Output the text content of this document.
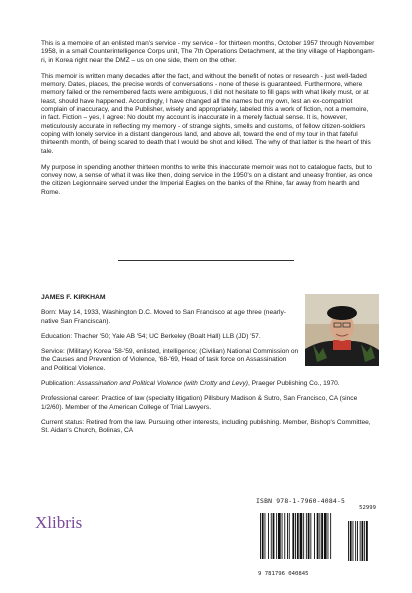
This is a memoire of an enlisted man's service - my service - for thirteen months, October 1957 through November 1958, in a small Counterintelligence Corps unit, The 7th Operations Detachment, at the tiny village of Hapbongam-ri, in Korea right near the DMZ – us on one side, them on the other.

This memoir is written many decades after the fact, and without the benefit of notes or research - just well-faded memory. Dates, places, the precise words of conversations - none of these is guaranteed. Furthermore, where memory failed or the remembered facts were ambiguous, I did not hesitate to fill gaps with what likely must, or at least, should have happened. Accordingly, I have changed all the names but my own, lest an ex-compatriot complain of inaccuracy, and the Publisher, wisely and appropriately, labeled this a work of fiction, not a memoire, in fact. Fiction – yes, I agree: No doubt my account is inaccurate in a merely factual sense. It is, however, meticulously accurate in reflecting my memory - of strange sights, smells and customs, of fellow citizen-soldiers coping with lonely service in a distant dangerous land, and above all, toward the end of my tour in that fateful thirteenth month, of being scared to death that I would be shot and killed. The why of that latter is the heart of this tale.

My purpose in spending another thirteen months to write this inaccurate memoir was not to catalogue facts, but to convey now, a sense of what it was like then, doing service in the 1950's on a distant and uneasy frontier, as once the citizen Legionnaire served under the Imperial Eagles on the banks of the Rhine, far away from hearth and Rome.

JAMES F. KIRKHAM

Born: May 14, 1933, Washington D.C. Moved to San Francisco at age three (nearly-native San Franciscan).

Education: Thacher '50; Yale AB '54; UC Berkeley (Boalt Hall) LLB (JD) '57.

Service: (Military) Korea '58-'59, enlisted, intelligence; (Civilian) National Commission on the Causes and Prevention of Violence, '68-'69, Head of task force on Assassination and Political Violence.

Publication: Assassination and Political Violence (with Crotty and Levy), Praeger Publishing Co., 1970.

Professional career: Practice of law (specialty litigation) Pillsbury Madison & Sutro, San Francisco, CA (since 1/2/60). Member of the American College of Trial Lawyers.

Current status: Retired from the law. Pursuing other interests, including publishing. Member, Bishop's Committee, St. Aidan's Church, Bolinas, CA

Xlibris
ISBN 978-1-7960-4084-5
9 781796 040845
52999
